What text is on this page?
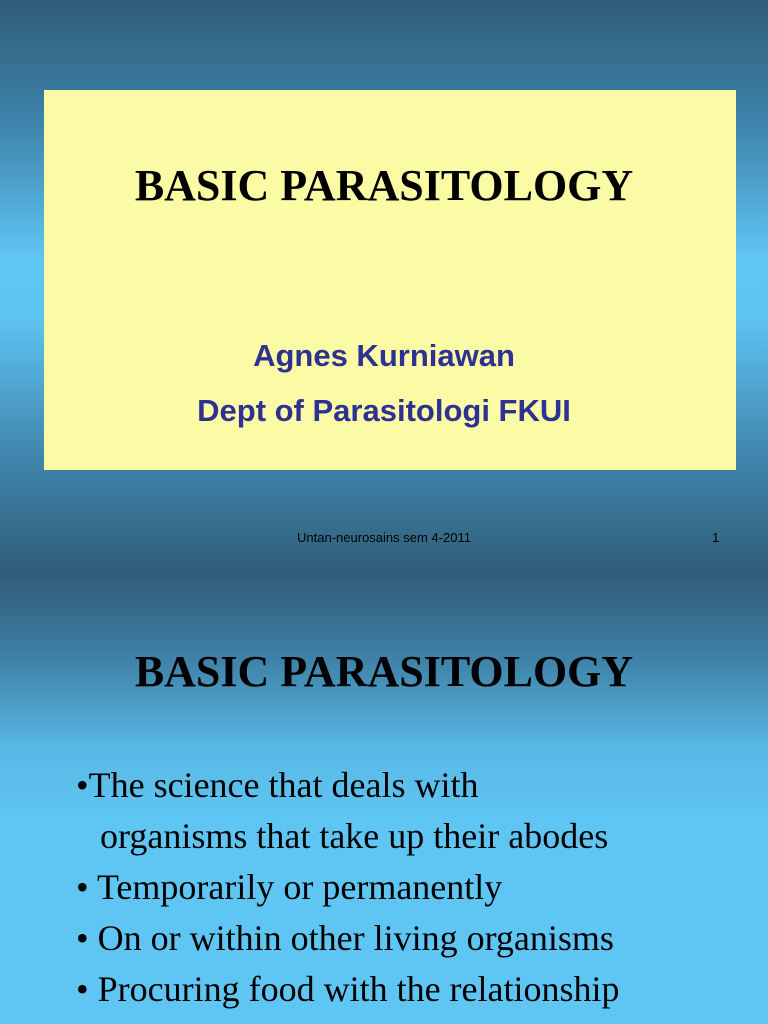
BASIC PARASITOLOGY
Agnes Kurniawan
Dept of Parasitologi FKUI
Untan-neurosains sem 4-2011	1
BASIC PARASITOLOGY
•The science that deals with
organisms that take up their abodes
• Temporarily or permanently
• On or within other living organisms
• Procuring food with the relationship
